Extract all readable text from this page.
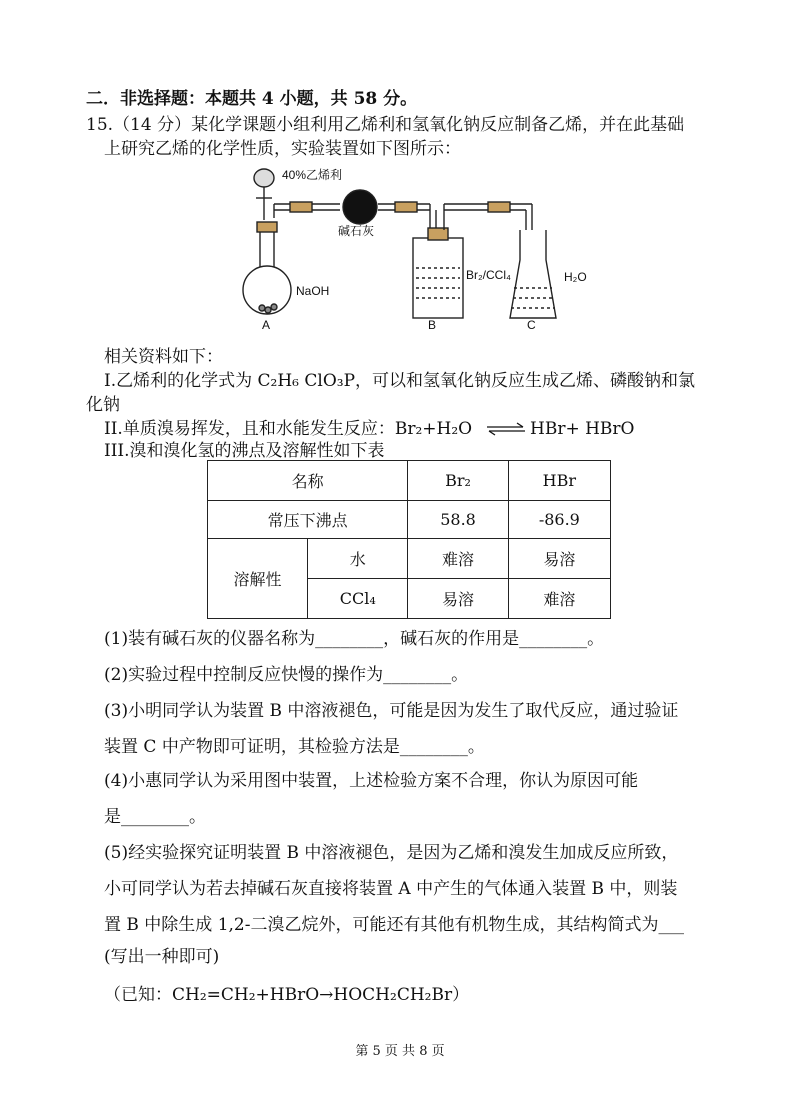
二．非选择题：本题共 4 小题，共 58 分。
15.（14 分）某化学课题小组利用乙烯利和氢氧化钠反应制备乙烯，并在此基础
上研究乙烯的化学性质，实验装置如下图所示：
40%乙烯利
碱石灰
NaOH
Br₂/CCl₄	H₂O
A	B	C
相关资料如下：
I.乙烯利的化学式为 C₂H₆ ClO₃P，可以和氢氧化钠反应生成乙烯、磷酸钠和氯
化钠
II.单质溴易挥发，且和水能发生反应：Br₂+H₂O ⇌ HBr+ HBrO
III.溴和溴化氢的沸点及溶解性如下表
名称		Br₂	HBr
常压下沸点		58.8	-86.9
溶解性	水	难溶	易溶
	CCl₄	易溶	难溶
(1)装有碱石灰的仪器名称为________，碱石灰的作用是________。
(2)实验过程中控制反应快慢的操作为________。
(3)小明同学认为装置 B 中溶液褪色，可能是因为发生了取代反应，通过验证
装置 C 中产物即可证明，其检验方法是________。
(4)小惠同学认为采用图中装置，上述检验方案不合理，你认为原因可能
是________。
(5)经实验探究证明装置 B 中溶液褪色，是因为乙烯和溴发生加成反应所致，
小可同学认为若去掉碱石灰直接将装置 A 中产生的气体通入装置 B 中，则装
置 B 中除生成 1,2-二溴乙烷外，可能还有其他有机物生成，其结构简式为___
(写出一种即可)
（已知：CH₂=CH₂+HBrO→HOCH₂CH₂Br）
第 5 页 共 8 页
